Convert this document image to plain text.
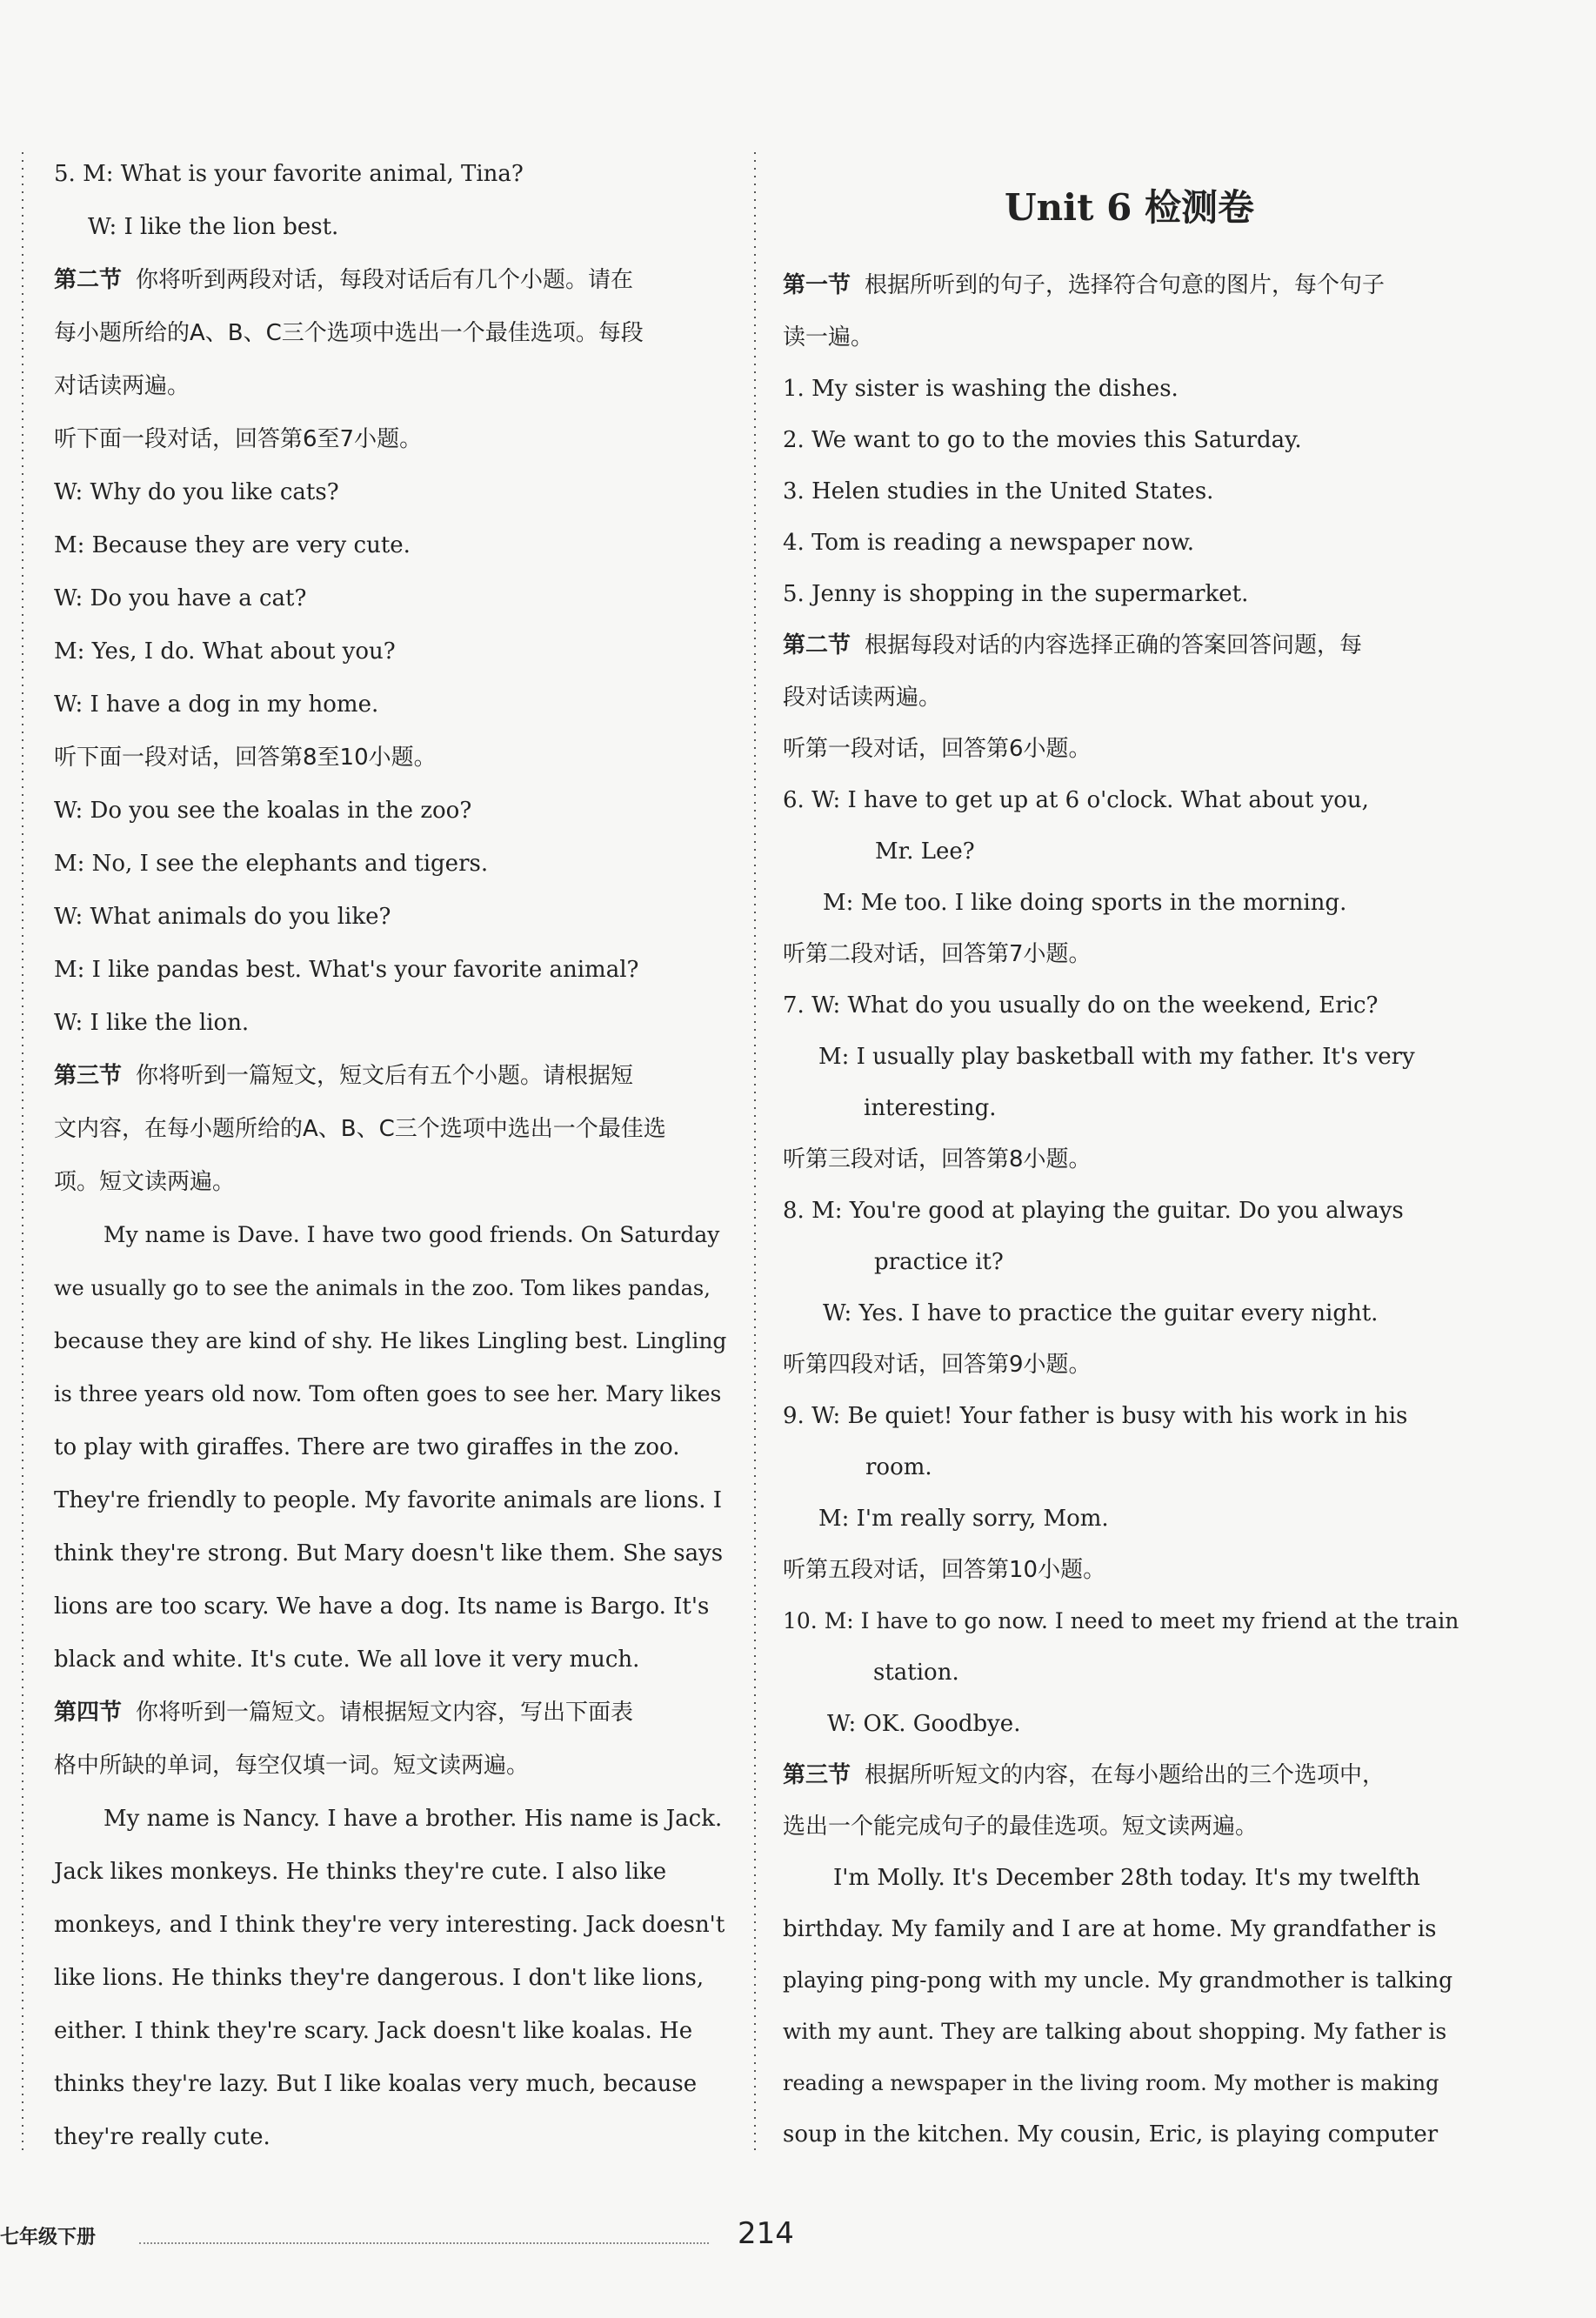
5. M: What is your favorite animal, Tina?
W: I like the lion best.
第二节 你将听到两段对话，每段对话后有几个小题。请在
每小题所给的A、B、C三个选项中选出一个最佳选项。每段
对话读两遍。
听下面一段对话，回答第6至7小题。
W: Why do you like cats?
M: Because they are very cute.
W: Do you have a cat?
M: Yes, I do. What about you?
W: I have a dog in my home.
听下面一段对话，回答第8至10小题。
W: Do you see the koalas in the zoo?
M: No, I see the elephants and tigers.
W: What animals do you like?
M: I like pandas best. What's your favorite animal?
W: I like the lion.
第三节 你将听到一篇短文，短文后有五个小题。请根据短
文内容，在每小题所给的A、B、C三个选项中选出一个最佳选
项。短文读两遍。
My name is Dave. I have two good friends. On Saturday
we usually go to see the animals in the zoo. Tom likes pandas,
because they are kind of shy. He likes Lingling best. Lingling
is three years old now. Tom often goes to see her. Mary likes
to play with giraffes. There are two giraffes in the zoo.
They're friendly to people. My favorite animals are lions. I
think they're strong. But Mary doesn't like them. She says
lions are too scary. We have a dog. Its name is Bargo. It's
black and white. It's cute. We all love it very much.
第四节 你将听到一篇短文。请根据短文内容，写出下面表
格中所缺的单词，每空仅填一词。短文读两遍。
My name is Nancy. I have a brother. His name is Jack.
Jack likes monkeys. He thinks they're cute. I also like
monkeys, and I think they're very interesting. Jack doesn't
like lions. He thinks they're dangerous. I don't like lions,
either. I think they're scary. Jack doesn't like koalas. He
thinks they're lazy. But I like koalas very much, because
they're really cute.
Unit 6 检测卷
第一节 根据所听到的句子，选择符合句意的图片，每个句子
读一遍。
1. My sister is washing the dishes.
2. We want to go to the movies this Saturday.
3. Helen studies in the United States.
4. Tom is reading a newspaper now.
5. Jenny is shopping in the supermarket.
第二节 根据每段对话的内容选择正确的答案回答问题，每
段对话读两遍。
听第一段对话，回答第6小题。
6. W: I have to get up at 6 o'clock. What about you,
Mr. Lee?
M: Me too. I like doing sports in the morning.
听第二段对话，回答第7小题。
7. W: What do you usually do on the weekend, Eric?
M: I usually play basketball with my father. It's very
interesting.
听第三段对话，回答第8小题。
8. M: You're good at playing the guitar. Do you always
practice it?
W: Yes. I have to practice the guitar every night.
听第四段对话，回答第9小题。
9. W: Be quiet! Your father is busy with his work in his
room.
M: I'm really sorry, Mom.
听第五段对话，回答第10小题。
10. M: I have to go now. I need to meet my friend at the train
station.
W: OK. Goodbye.
第三节 根据所听短文的内容，在每小题给出的三个选项中，
选出一个能完成句子的最佳选项。短文读两遍。
I'm Molly. It's December 28th today. It's my twelfth
birthday. My family and I are at home. My grandfather is
playing ping-pong with my uncle. My grandmother is talking
with my aunt. They are talking about shopping. My father is
reading a newspaper in the living room. My mother is making
soup in the kitchen. My cousin, Eric, is playing computer
七年级下册	214
